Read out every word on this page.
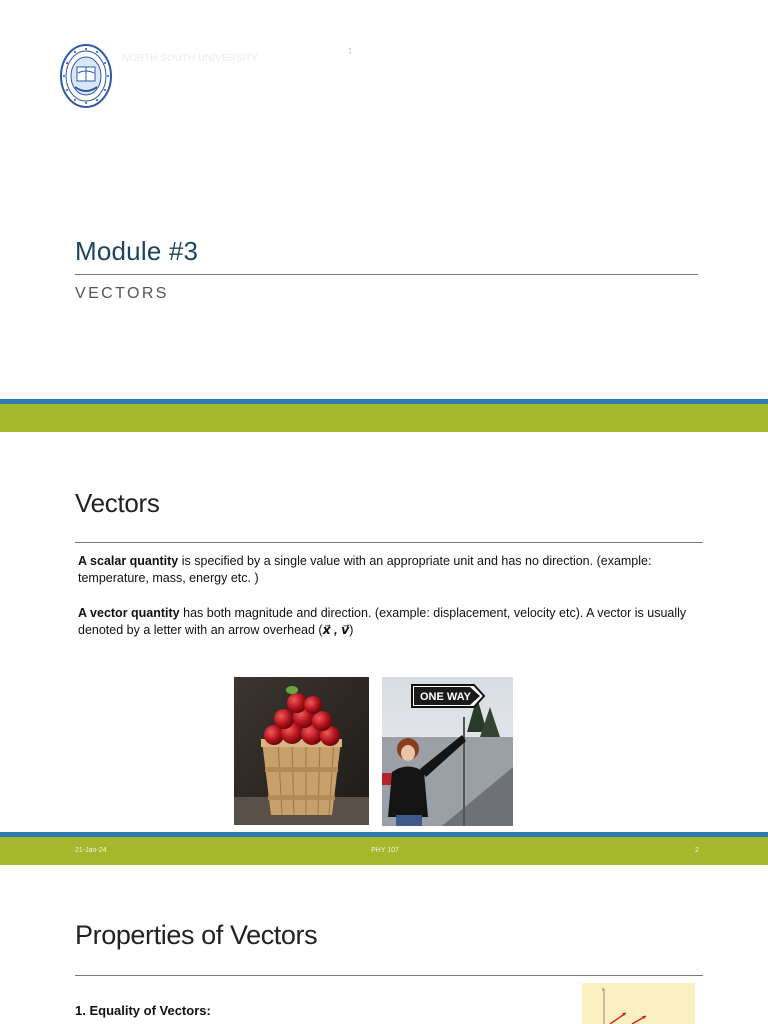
NORTH SOUTH UNIVERSITY
:
Module #3
VECTORS
Vectors
A scalar quantity is specified by a single value with an appropriate unit and has no direction. (example: temperature, mass, energy etc. )
A vector quantity has both magnitude and direction. (example: displacement, velocity etc). A vector is usually denoted by a letter with an arrow overhead (x⃗ , v⃗)
ONE WAY
21-Jan-24	PHY 107	2
Properties of Vectors
1. Equality of Vectors:
y
